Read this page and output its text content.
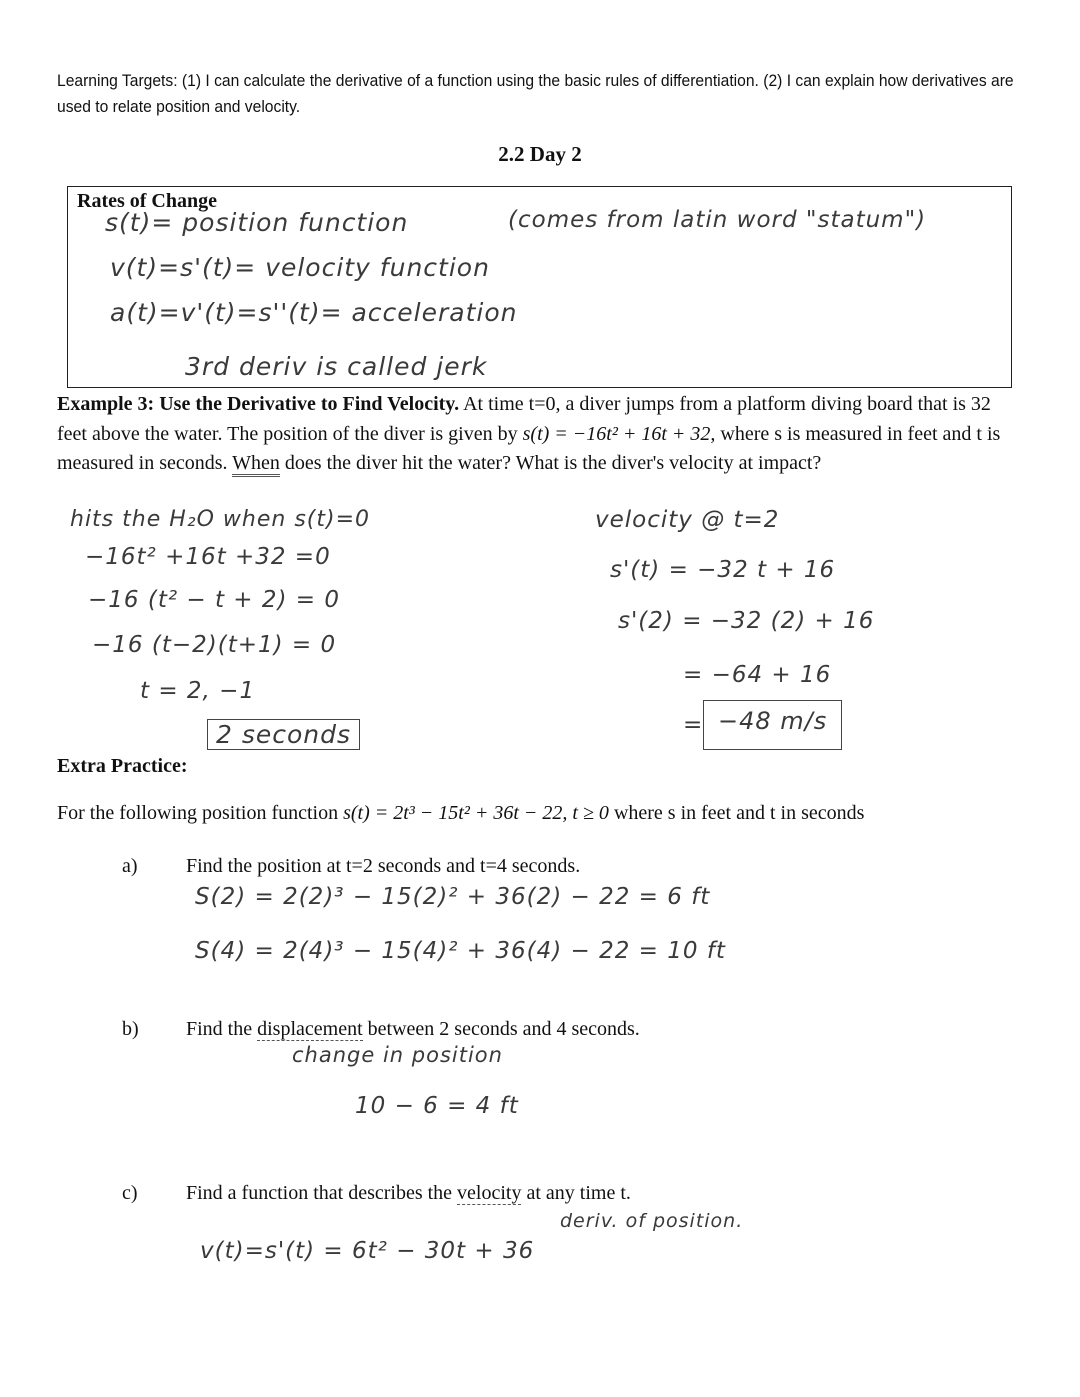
Learning Targets: (1) I can calculate the derivative of a function using the basic rules of differentiation. (2) I can explain how derivatives are used to relate position and velocity.
2.2 Day 2
Rates of Change
s(t)= position function	(comes from latin word "statum")
v(t)=s'(t)= velocity function
a(t)=v'(t)=s''(t)= acceleration
3rd deriv is called jerk
Example 3: Use the Derivative to Find Velocity. At time t=0, a diver jumps from a platform diving board that is 32 feet above the water. The position of the diver is given by s(t) = −16t² + 16t + 32, where s is measured in feet and t is measured in seconds. When does the diver hit the water? What is the diver's velocity at impact?
hits the H₂O when s(t)=0
−16t² +16t +32 =0
−16 (t² − t + 2) = 0
−16 (t−2)(t+1) = 0
t = 2, −1
2 seconds
velocity @ t=2
s'(t) = −32 t + 16
s'(2) = −32 (2) + 16
= −64 + 16
= −48 m/s
Extra Practice:
For the following position function s(t) = 2t³ − 15t² + 36t − 22, t ≥ 0 where s in feet and t in seconds
a) Find the position at t=2 seconds and t=4 seconds.
S(2) = 2(2)³ − 15(2)² + 36(2) − 22 = 6 ft
S(4) = 2(4)³ − 15(4)² + 36(4) − 22 = 10 ft
b) Find the displacement between 2 seconds and 4 seconds.
change in position
10 − 6 = 4 ft
c) Find a function that describes the velocity at any time t.
deriv. of position.
v(t)=s'(t) = 6t² − 30t + 36
